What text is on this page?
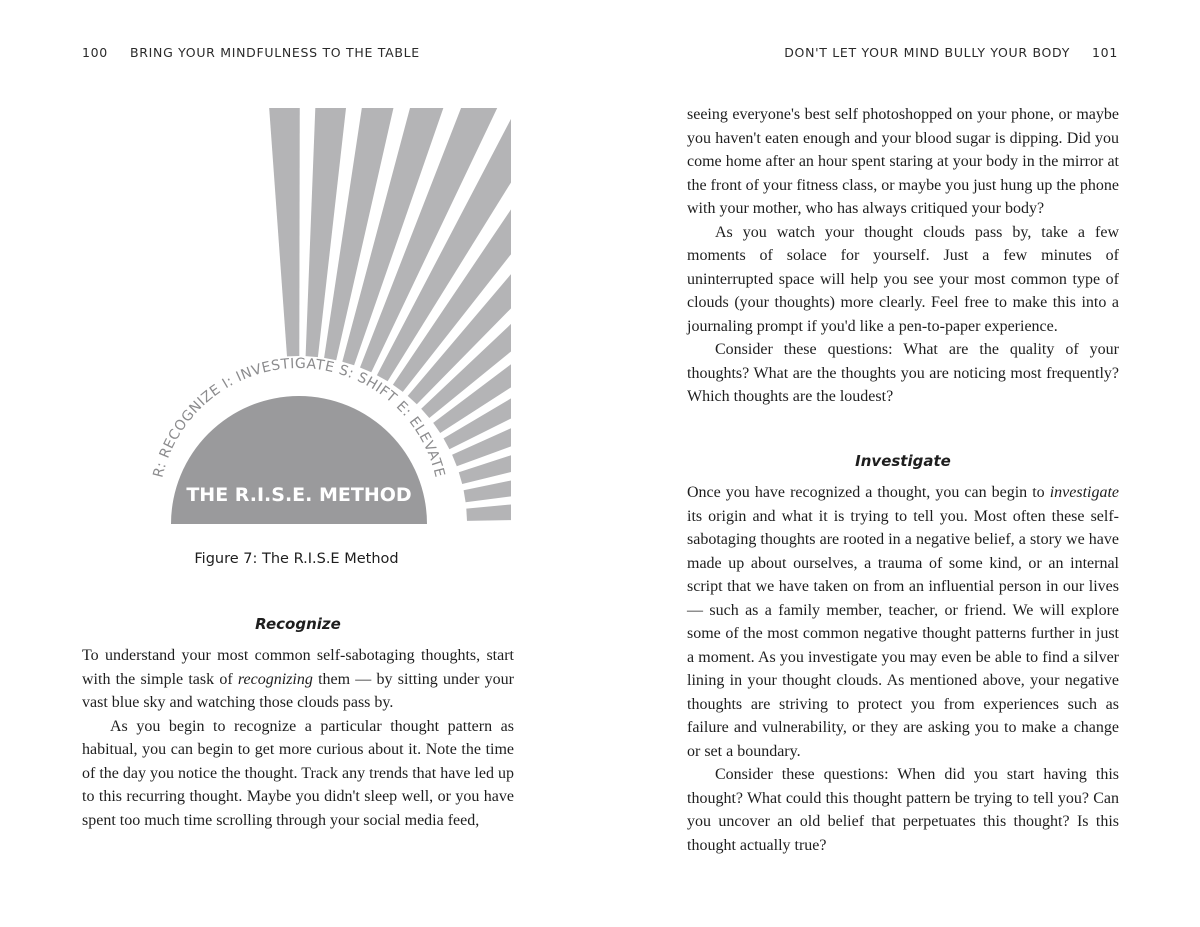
100 BRING YOUR MINDFULNESS TO THE TABLE
R: RECOGNIZE I: INVESTIGATE S: SHIFT E: ELEVATE
THE R.I.S.E. METHOD
Figure 7: The R.I.S.E Method
Recognize

To understand your most common self-sabotaging thoughts, start with the simple task of recognizing them — by sitting under your vast blue sky and watching those clouds pass by.

As you begin to recognize a particular thought pattern as habitual, you can begin to get more curious about it. Note the time of the day you notice the thought. Track any trends that have led up to this recurring thought. Maybe you didn't sleep well, or you have spent too much time scrolling through your social media feed,

DON'T LET YOUR MIND BULLY YOUR BODY 101

seeing everyone's best self photoshopped on your phone, or maybe you haven't eaten enough and your blood sugar is dipping. Did you come home after an hour spent staring at your body in the mirror at the front of your fitness class, or maybe you just hung up the phone with your mother, who has always critiqued your body?

As you watch your thought clouds pass by, take a few moments of solace for yourself. Just a few minutes of uninterrupted space will help you see your most common type of clouds (your thoughts) more clearly. Feel free to make this into a journaling prompt if you'd like a pen-to-paper experience.

Consider these questions: What are the quality of your thoughts? What are the thoughts you are noticing most frequently? Which thoughts are the loudest?

Investigate

Once you have recognized a thought, you can begin to investigate its origin and what it is trying to tell you. Most often these self-sabotaging thoughts are rooted in a negative belief, a story we have made up about ourselves, a trauma of some kind, or an internal script that we have taken on from an influential person in our lives — such as a family member, teacher, or friend. We will explore some of the most common negative thought patterns further in just a moment. As you investigate you may even be able to find a silver lining in your thought clouds. As mentioned above, your negative thoughts are striving to protect you from experiences such as failure and vulnerability, or they are asking you to make a change or set a boundary.

Consider these questions: When did you start having this thought? What could this thought pattern be trying to tell you? Can you uncover an old belief that perpetuates this thought? Is this thought actually true?
